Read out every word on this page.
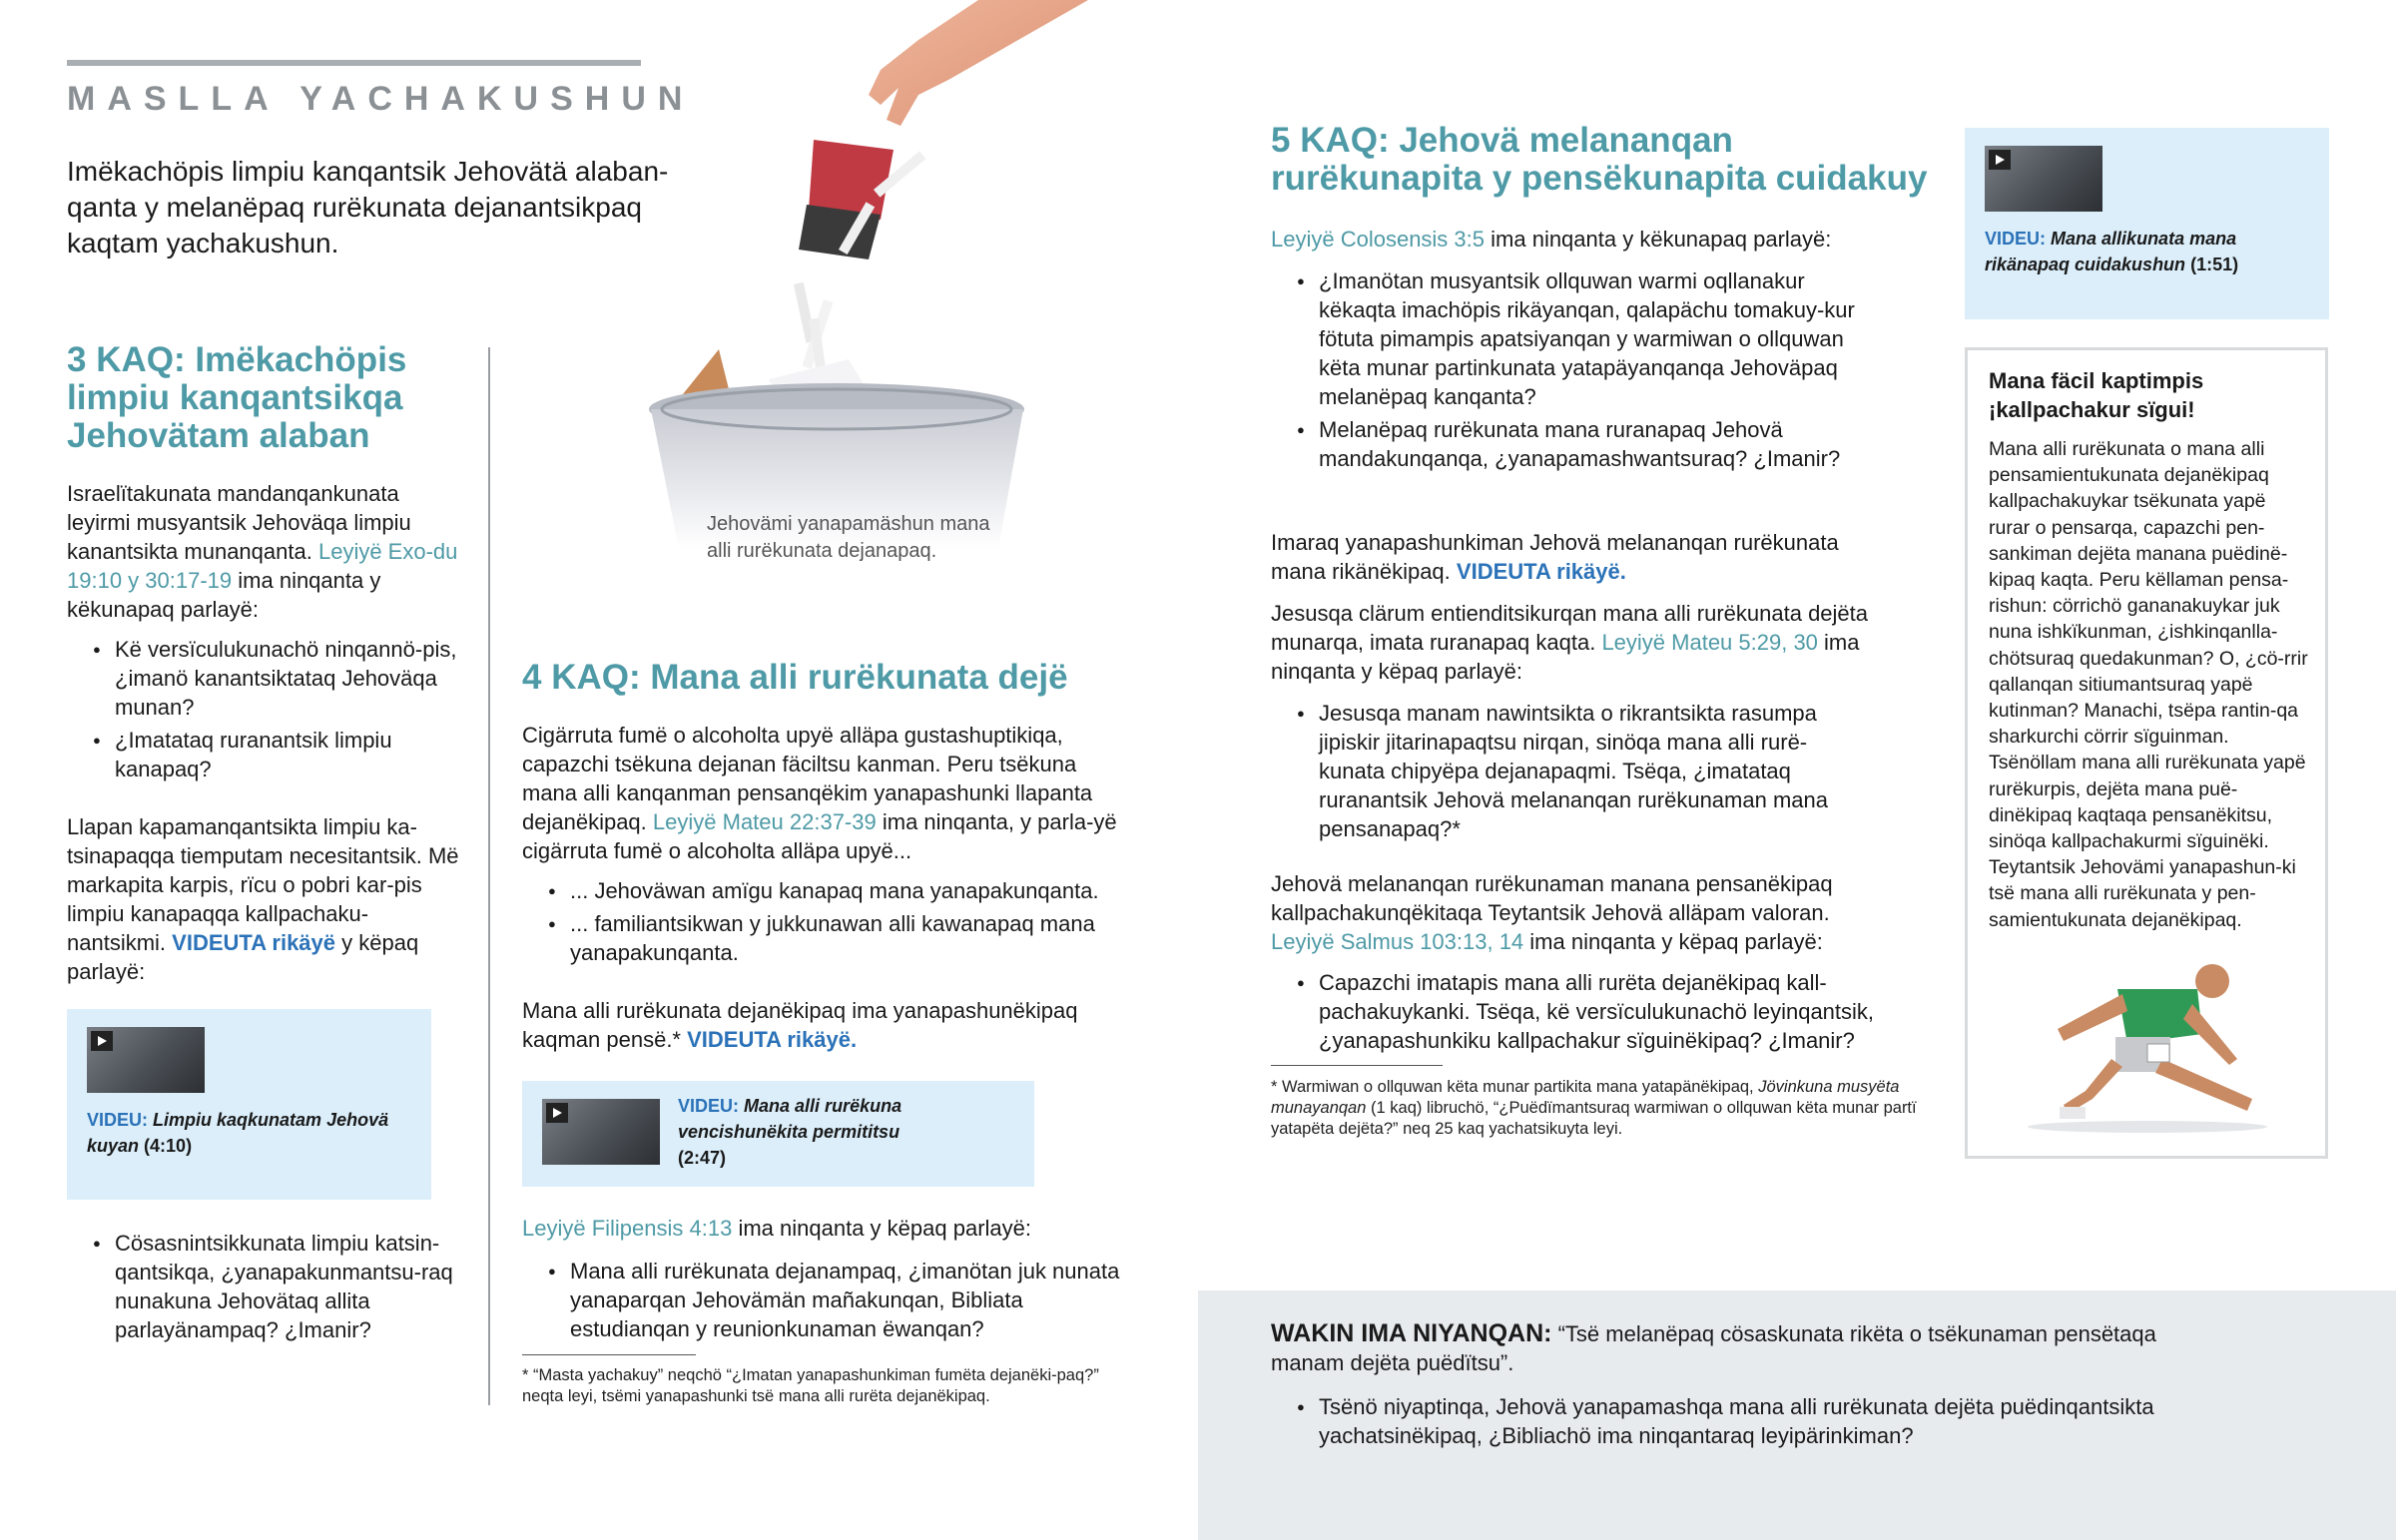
MASLLA YACHAKUSHUN
Imëkachöpis limpiu kanqantsik Jehovätä alaban-qanta y melanëpaq rurëkunata dejanantsikpaq kaqtam yachakushun.
Jehovämi yanapamäshun mana alli rurëkunata dejanapaq.
3 KAQ: Imëkachöpis limpiu kanqantsikqa Jehovätam alaban
Israelïtakunata mandanqankunata leyirmi musyantsik Jehoväqa limpiu kanantsikta munanqanta. Leyiyë Exo-du 19:10 y 30:17-19 ima ninqanta y këkunapaq parlayë:
● Kë versïculukunachö ninqannö-pis, ¿imanö kanantsiktataq Jehoväqa munan?
● ¿Imatataq ruranantsik limpiu kanapaq?
Llapan kapamanqantsikta limpiu ka-tsinapaqqa tiemputam necesitantsik. Më markapita karpis, rïcu o pobri kar-pis limpiu kanapaqqa kallpachaku-nantsikmi. VIDEUTA rikäyë y këpaq parlayë:
VIDEU: Limpiu kaqkunatam Jehovä kuyan (4:10)
● Cösasnintsikkunata limpiu katsin-qantsikqa, ¿yanapakunmantsu-raq nunakuna Jehovätaq allita parlayänampaq? ¿Imanir?
4 KAQ: Mana alli rurëkunata dejë
Cigärruta fumë o alcoholta upyë alläpa gustashuptikiqa, capazchi tsëkuna dejanan fäciltsu kanman. Peru tsëkuna mana alli kanqanman pensanqëkim yanapashunki llapanta dejanëkipaq. Leyiyë Mateu 22:37-39 ima ninqanta, y parla-yë cigärruta fumë o alcoholta alläpa upyë...
● ... Jehoväwan amïgu kanapaq mana yanapakunqanta.
● ... familiantsikwan y jukkunawan alli kawanapaq mana yanapakunqanta.
Mana alli rurëkunata dejanëkipaq ima yanapashunëkipaq kaqman pensë.* VIDEUTA rikäyë.
VIDEU: Mana alli rurëkuna vencishunëkita permititsu (2:47)
Leyiyë Filipensis 4:13 ima ninqanta y këpaq parlayë:
● Mana alli rurëkunata dejanampaq, ¿imanötan juk nunata yanaparqan Jehovämän mañakunqan, Bibliata estudianqan y reunionkunaman ëwanqan?
* “Masta yachakuy” neqchö “¿Imatan yanapashunkiman fumëta dejanëki-paq?” neqta leyi, tsëmi yanapashunki tsë mana alli rurëta dejanëkipaq.
5 KAQ: Jehovä melananqan rurëkunapita y pensëkunapita cuidakuy
Leyiyë Colosensis 3:5 ima ninqanta y këkunapaq parlayë:
● ¿Imanötan musyantsik ollquwan warmi oqllanakur këkaqta imachöpis rikäyanqan, qalapächu tomakuy-kur fötuta pimampis apatsiyanqan y warmiwan o ollquwan këta munar partinkunata yatapäyanqanqa Jehoväpaq melanëpaq kanqanta?
● Melanëpaq rurëkunata mana ruranapaq Jehovä mandakunqanqa, ¿yanapamashwantsuraq? ¿Imanir?
Imaraq yanapashunkiman Jehovä melananqan rurëkunata mana rikänëkipaq. VIDEUTA rikäyë.
Jesusqa clärum entienditsikurqan mana alli rurëkunata dejëta munarqa, imata ruranapaq kaqta. Leyiyë Mateu 5:29, 30 ima ninqanta y këpaq parlayë:
● Jesusqa manam nawintsikta o rikrantsikta rasumpa jipiskir jitarinapaqtsu nirqan, sinöqa mana alli rurë-kunata chipyëpa dejanapaqmi. Tsëqa, ¿imatataq ruranantsik Jehovä melananqan rurëkunaman mana pensanapaq?*
Jehovä melananqan rurëkunaman manana pensanëkipaq kallpachakunqëkitaqa Teytantsik Jehovä alläpam valoran. Leyiyë Salmus 103:13, 14 ima ninqanta y këpaq parlayë:
● Capazchi imatapis mana alli rurëta dejanëkipaq kall-pachakuykanki. Tsëqa, kë versïculukunachö leyinqantsik, ¿yanapashunkiku kallpachakur sïguinëkipaq? ¿Imanir?
* Warmiwan o ollquwan këta munar partikita mana yatapänëkipaq, Jövinkuna musyëta munayanqan (1 kaq) libruchö, “¿Puëdïmantsuraq warmiwan o ollquwan këta munar partï yatapëta dejëta?” neq 25 kaq yachatsikuyta leyi.
VIDEU: Mana allikunata mana rikänapaq cuidakushun (1:51)
Mana fäcil kaptimpis ¡kallpachakur sïgui!
Mana alli rurëkunata o mana alli pensamientukunata dejanëkipaq kallpachakuykar tsëkunata yapë rurar o pensarqa, capazchi pen-sankiman dejëta manana puëdinë-kipaq kaqta. Peru këllaman pensa-rishun: cörrichö gananakuykar juk nuna ishkïkunman, ¿ishkinqanlla-chötsuraq quedakunman? O, ¿cö-rrir qallanqan sitiumantsuraq yapë kutinman? Manachi, tsëpa rantin-qa sharkurchi cörrir sïguinman. Tsënöllam mana alli rurëkunata yapë rurëkurpis, dejëta mana puë-dinëkipaq kaqtaqa pensanëkitsu, sinöqa kallpachakurmi sïguinëki. Teytantsik Jehovämi yanapashun-ki tsë mana alli rurëkunata y pen-samientukunata dejanëkipaq.
WAKIN IMA NIYANQAN: “Tsë melanëpaq cösaskunata rikëta o tsëkunaman pensëtaqa manam dejëta puëdïtsu”.
● Tsënö niyaptinqa, Jehovä yanapamashqa mana alli rurëkunata dejëta puëdinqantsikta yachatsinëkipaq, ¿Bibliachö ima ninqantaraq leyipärinkiman?
